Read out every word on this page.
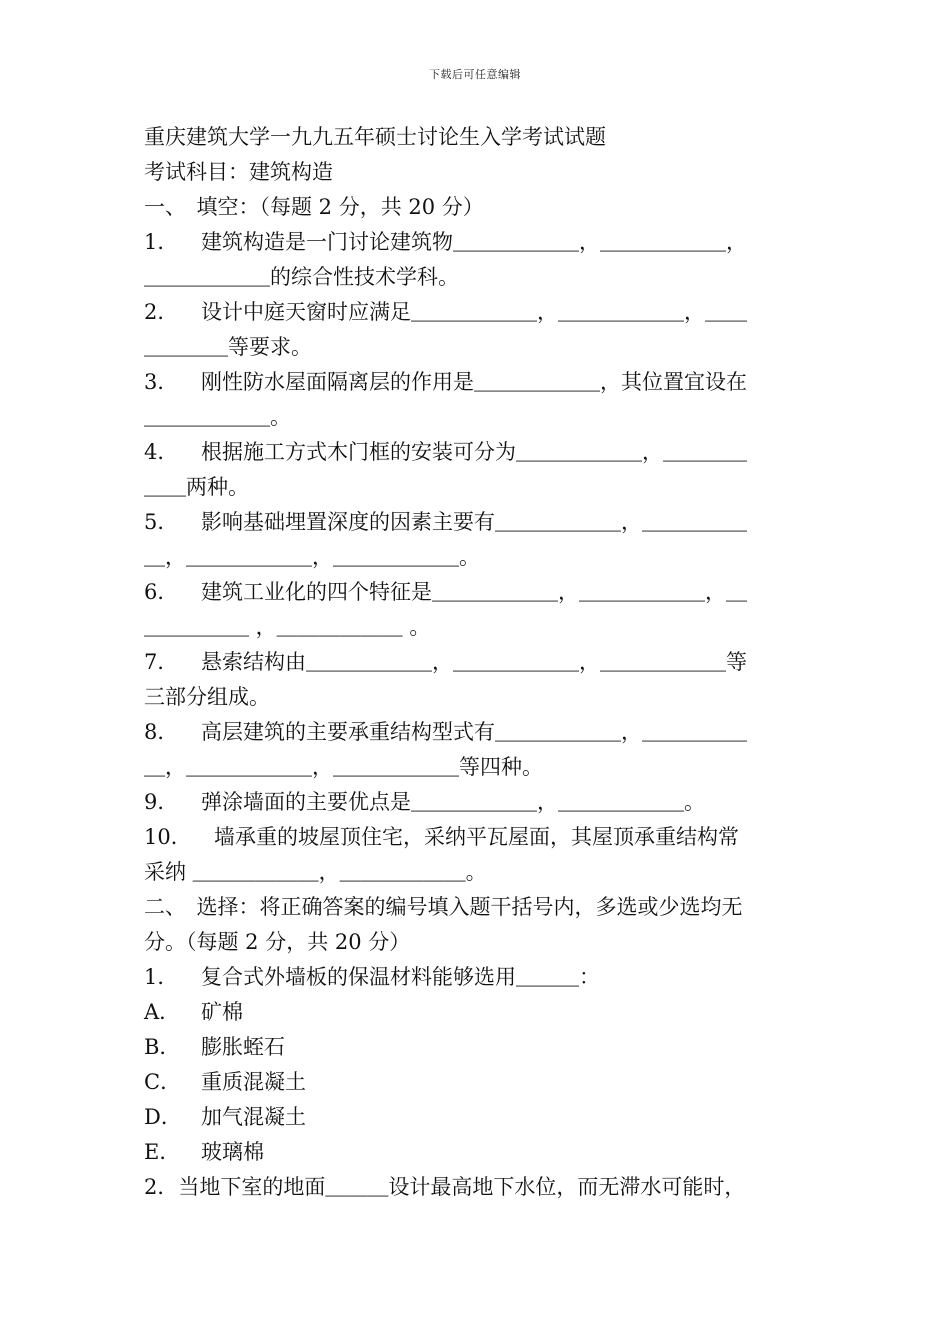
下载后可任意编辑
重庆建筑大学一九九五年硕士讨论生入学考试试题
考试科目：建筑构造
一、　填空：（每题 2 分，共 20 分）
1． 建筑构造是一门讨论建筑物＿＿＿＿＿＿，＿＿＿＿＿＿，
＿＿＿＿＿＿的综合性技术学科。
2． 设计中庭天窗时应满足＿＿＿＿＿＿，＿＿＿＿＿＿，＿＿
＿＿＿＿等要求。
3． 刚性防水屋面隔离层的作用是＿＿＿＿＿＿，其位置宜设在
＿＿＿＿＿＿。
4． 根据施工方式木门框的安装可分为＿＿＿＿＿＿，＿＿＿＿
＿＿两种。
5． 影响基础埋置深度的因素主要有＿＿＿＿＿＿，＿＿＿＿＿
＿，＿＿＿＿＿＿，＿＿＿＿＿＿。
6． 建筑工业化的四个特征是＿＿＿＿＿＿，＿＿＿＿＿＿，＿
＿＿＿＿＿ ，＿＿＿＿＿＿ 。
7． 悬索结构由＿＿＿＿＿＿，＿＿＿＿＿＿，＿＿＿＿＿＿等
三部分组成。
8． 高层建筑的主要承重结构型式有＿＿＿＿＿＿，＿＿＿＿＿
＿，＿＿＿＿＿＿，＿＿＿＿＿＿等四种。
9． 弹涂墙面的主要优点是＿＿＿＿＿＿，＿＿＿＿＿＿。
10． 墙承重的坡屋顶住宅，采纳平瓦屋面，其屋顶承重结构常
采纳 ＿＿＿＿＿＿，＿＿＿＿＿＿。
二、　选择：将正确答案的编号填入题干括号内，多选或少选均无
分。（每题 2 分，共 20 分）
1． 复合式外墙板的保温材料能够选用＿＿＿：
A． 矿棉
B． 膨胀蛭石
C． 重质混凝土
D． 加气混凝土
E． 玻璃棉
2．当地下室的地面＿＿＿设计最高地下水位，而无滞水可能时，
